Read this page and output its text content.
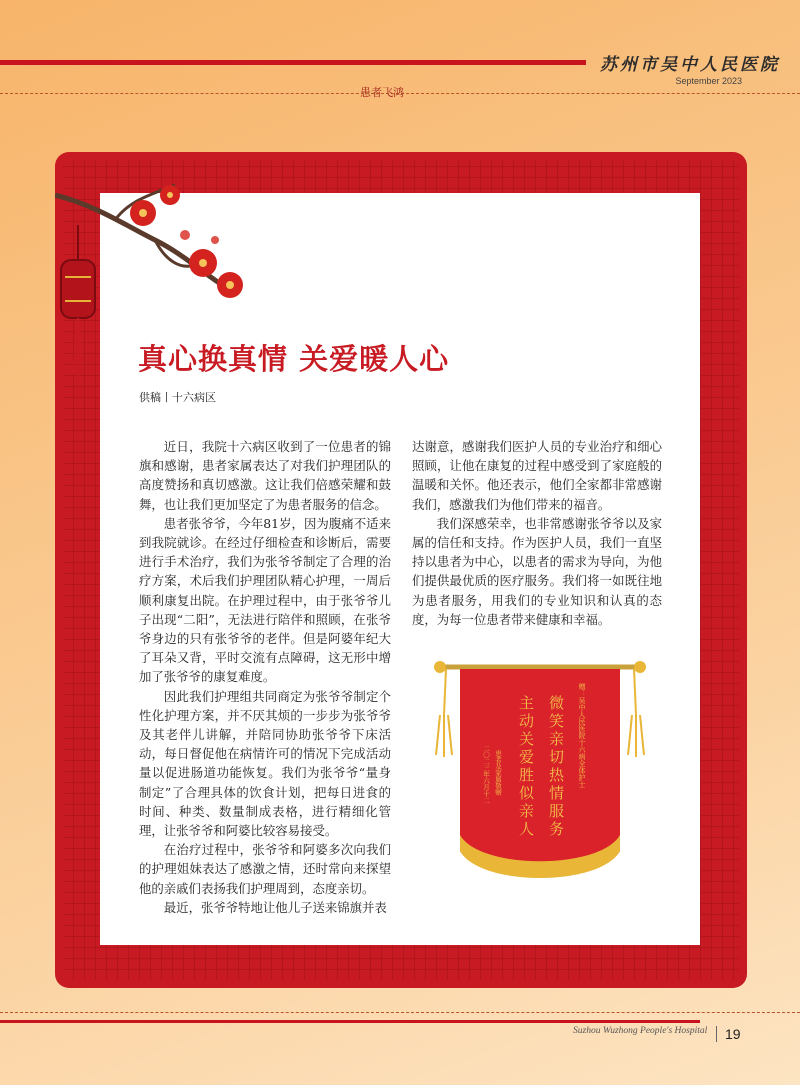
苏州市吴中人民医院
September 2023
患者飞鸿
真心换真情 关爱暖人心
供稿丨十六病区

近日，我院十六病区收到了一位患者的锦旗和感谢，患者家属表达了对我们护理团队的高度赞扬和真切感激。这让我们倍感荣耀和鼓舞，也让我们更加坚定了为患者服务的信念。

患者张爷爷，今年81岁，因为腹痛不适来到我院就诊。在经过仔细检查和诊断后，需要进行手术治疗，我们为张爷爷制定了合理的治疗方案，术后我们护理团队精心护理，一周后顺利康复出院。在护理过程中，由于张爷爷儿子出现“二阳”，无法进行陪伴和照顾，在张爷爷身边的只有张爷爷的老伴。但是阿婆年纪大了耳朵又背，平时交流有点障碍，这无形中增加了张爷爷的康复难度。

因此我们护理组共同商定为张爷爷制定个性化护理方案，并不厌其烦的一步步为张爷爷及其老伴儿讲解，并陪同协助张爷爷下床活动，每日督促他在病情许可的情况下完成活动量以促进肠道功能恢复。我们为张爷爷“量身制定”了合理具体的饮食计划，把每日进食的时间、种类、数量制成表格，进行精细化管理，让张爷爷和阿婆比较容易接受。

在治疗过程中，张爷爷和阿婆多次向我们的护理姐妹表达了感激之情，还时常向来探望他的亲戚们表扬我们护理周到，态度亲切。

最近，张爷爷特地让他儿子送来锦旗并表

达谢意，感谢我们医护人员的专业治疗和细心照顾，让他在康复的过程中感受到了家庭般的温暖和关怀。他还表示，他们全家都非常感谢我们，感激我们为他们带来的福音。

我们深感荣幸，也非常感谢张爷爷以及家属的信任和支持。作为医护人员，我们一直坚持以患者为中心，以患者的需求为导向，为他们提供最优质的医疗服务。我们将一如既往地为患者服务，用我们的专业知识和认真的态度，为每一位患者带来健康和幸福。

赠：吴中人民医院十六病全体护士
微笑亲切热情服务
主动关爱胜似亲人
患者及家属敬赠
二〇二三年六月十二
Suzhou Wuzhong People's Hospital	19
